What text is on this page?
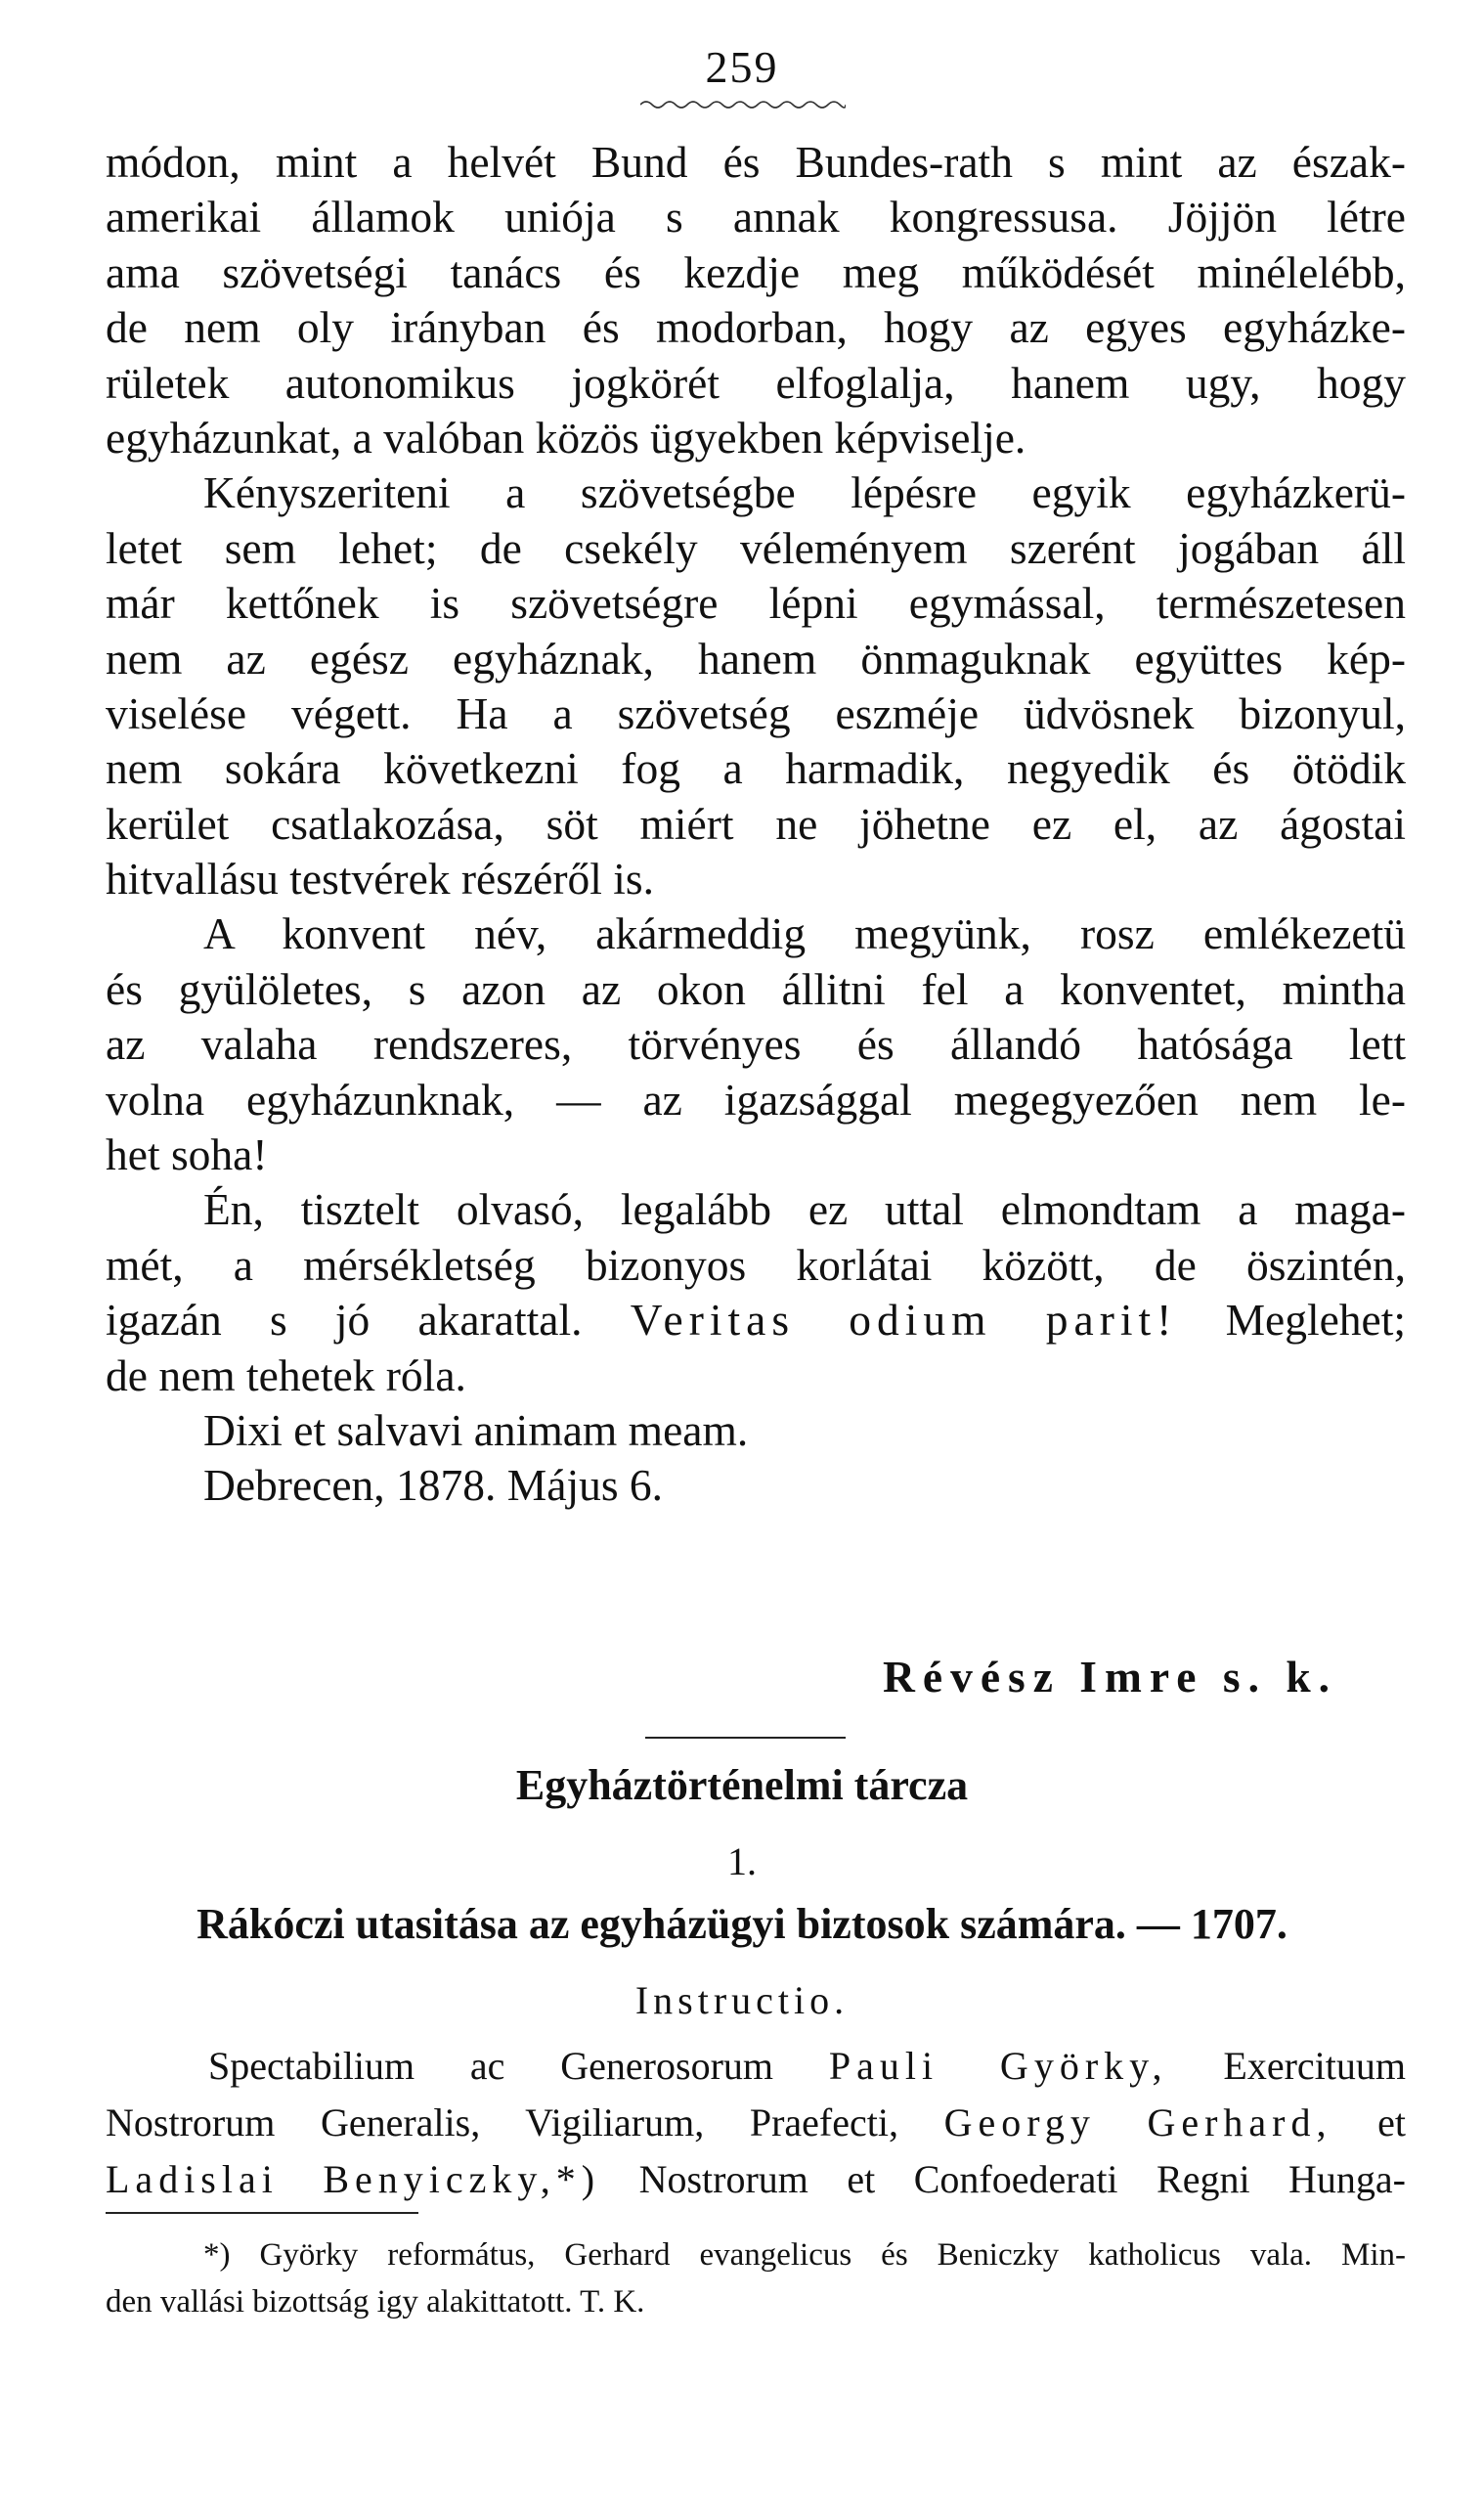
259
módon, mint a helvét Bund és Bundes-rath s mint az észak-
amerikai államok uniója s annak kongressusa. Jöjjön létre
ama szövetségi tanács és kezdje meg működését minélelébb,
de nem oly irányban és modorban, hogy az egyes egyházke-
rületek autonomikus jogkörét elfoglalja, hanem ugy, hogy
egyházunkat, a valóban közös ügyekben képviselje.
Kényszeriteni a szövetségbe lépésre egyik egyházkerü-
letet sem lehet; de csekély véleményem szerént jogában áll
már kettőnek is szövetségre lépni egymással, természetesen
nem az egész egyháznak, hanem önmaguknak együttes kép-
viselése végett. Ha a szövetség eszméje üdvösnek bizonyul,
nem sokára következni fog a harmadik, negyedik és ötödik
kerület csatlakozása, söt miért ne jöhetne ez el, az ágostai
hitvallásu testvérek részéről is.
A konvent név, akármeddig megyünk, rosz emlékezetü
és gyülöletes, s azon az okon állitni fel a konventet, mintha
az valaha rendszeres, törvényes és állandó hatósága lett
volna egyházunknak, — az igazsággal megegyezően nem le-
het soha!
Én, tisztelt olvasó, legalább ez uttal elmondtam a maga-
mét, a mérsékletség bizonyos korlátai között, de öszintén,
igazán s jó akarattal. Veritas odium parit! Meglehet;
de nem tehetek róla.
Dixi et salvavi animam meam.
Debrecen, 1878. Május 6.
Révész Imre s. k.
Egyháztörténelmi tárcza
1.
Rákóczi utasitása az egyházügyi biztosok számára. — 1707.
Instructio.
Spectabilium ac Generosorum Pauli Györky, Exercituum
Nostrorum Generalis, Vigiliarum, Praefecti, Georgy Gerhard, et
Ladislai Benyiczky,*) Nostrorum et Confoederati Regni Hunga-
*) Györky református, Gerhard evangelicus és Beniczky katholicus vala. Min-
den vallási bizottság igy alakittatott. T. K.
